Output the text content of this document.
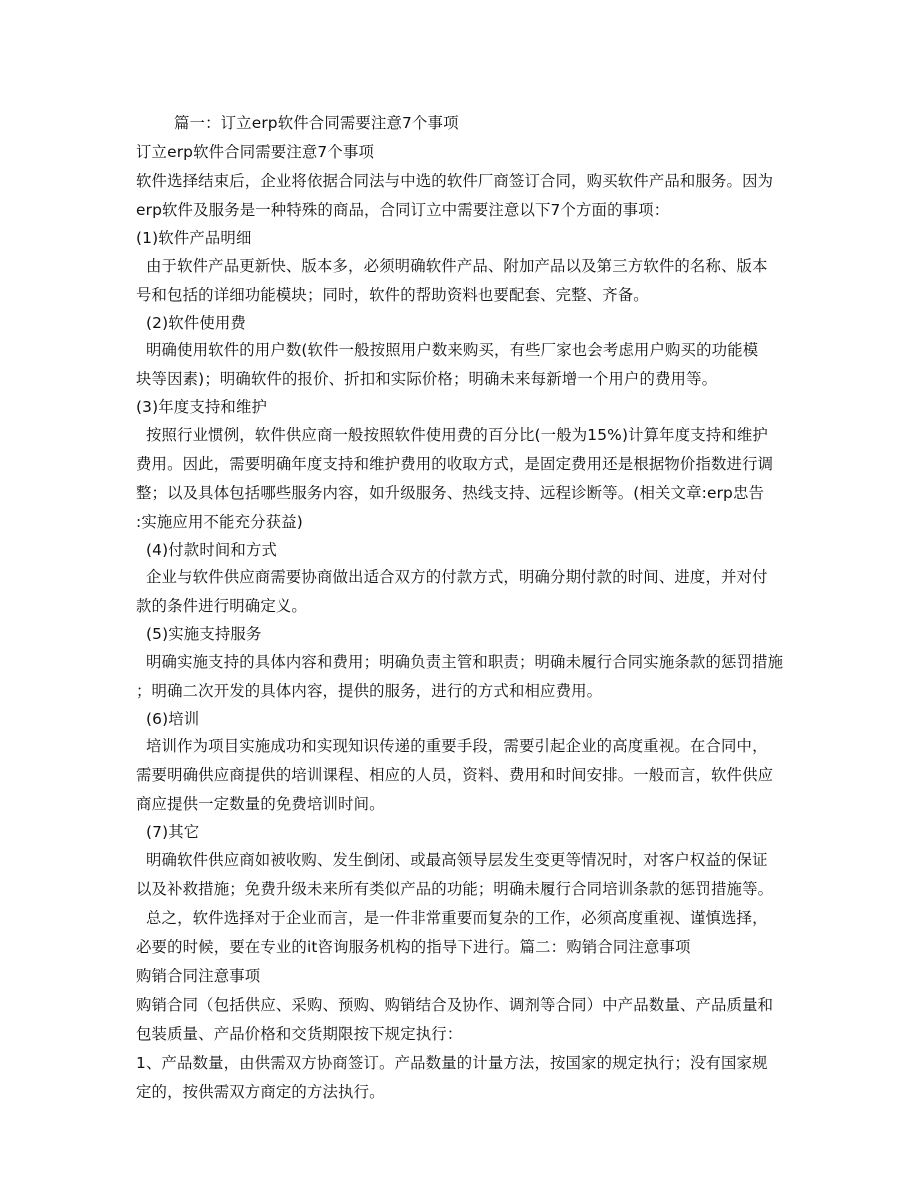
篇一：订立erp软件合同需要注意7个事项
订立erp软件合同需要注意7个事项
软件选择结束后，企业将依据合同法与中选的软件厂商签订合同，购买软件产品和服务。因为
erp软件及服务是一种特殊的商品，合同订立中需要注意以下7个方面的事项：
(1)软件产品明细
由于软件产品更新快、版本多，必须明确软件产品、附加产品以及第三方软件的名称、版本
号和包括的详细功能模块；同时，软件的帮助资料也要配套、完整、齐备。
(2)软件使用费
明确使用软件的用户数(软件一般按照用户数来购买，有些厂家也会考虑用户购买的功能模
块等因素)；明确软件的报价、折扣和实际价格；明确未来每新增一个用户的费用等。
(3)年度支持和维护
按照行业惯例，软件供应商一般按照软件使用费的百分比(一般为15%)计算年度支持和维护
费用。因此，需要明确年度支持和维护费用的收取方式，是固定费用还是根据物价指数进行调
整；以及具体包括哪些服务内容，如升级服务、热线支持、远程诊断等。(相关文章:erp忠告
:实施应用不能充分获益)
(4)付款时间和方式
企业与软件供应商需要协商做出适合双方的付款方式，明确分期付款的时间、进度，并对付
款的条件进行明确定义。
(5)实施支持服务
明确实施支持的具体内容和费用；明确负责主管和职责；明确未履行合同实施条款的惩罚措施
；明确二次开发的具体内容，提供的服务，进行的方式和相应费用。
(6)培训
培训作为项目实施成功和实现知识传递的重要手段，需要引起企业的高度重视。在合同中，
需要明确供应商提供的培训课程、相应的人员，资料、费用和时间安排。一般而言，软件供应
商应提供一定数量的免费培训时间。
(7)其它
明确软件供应商如被收购、发生倒闭、或最高领导层发生变更等情况时，对客户权益的保证
以及补救措施；免费升级未来所有类似产品的功能；明确未履行合同培训条款的惩罚措施等。
总之，软件选择对于企业而言，是一件非常重要而复杂的工作，必须高度重视、谨慎选择，
必要的时候，要在专业的it咨询服务机构的指导下进行。篇二：购销合同注意事项
购销合同注意事项
购销合同（包括供应、采购、预购、购销结合及协作、调剂等合同）中产品数量、产品质量和
包装质量、产品价格和交货期限按下规定执行：
1、产品数量，由供需双方协商签订。产品数量的计量方法，按国家的规定执行；没有国家规
定的，按供需双方商定的方法执行。
